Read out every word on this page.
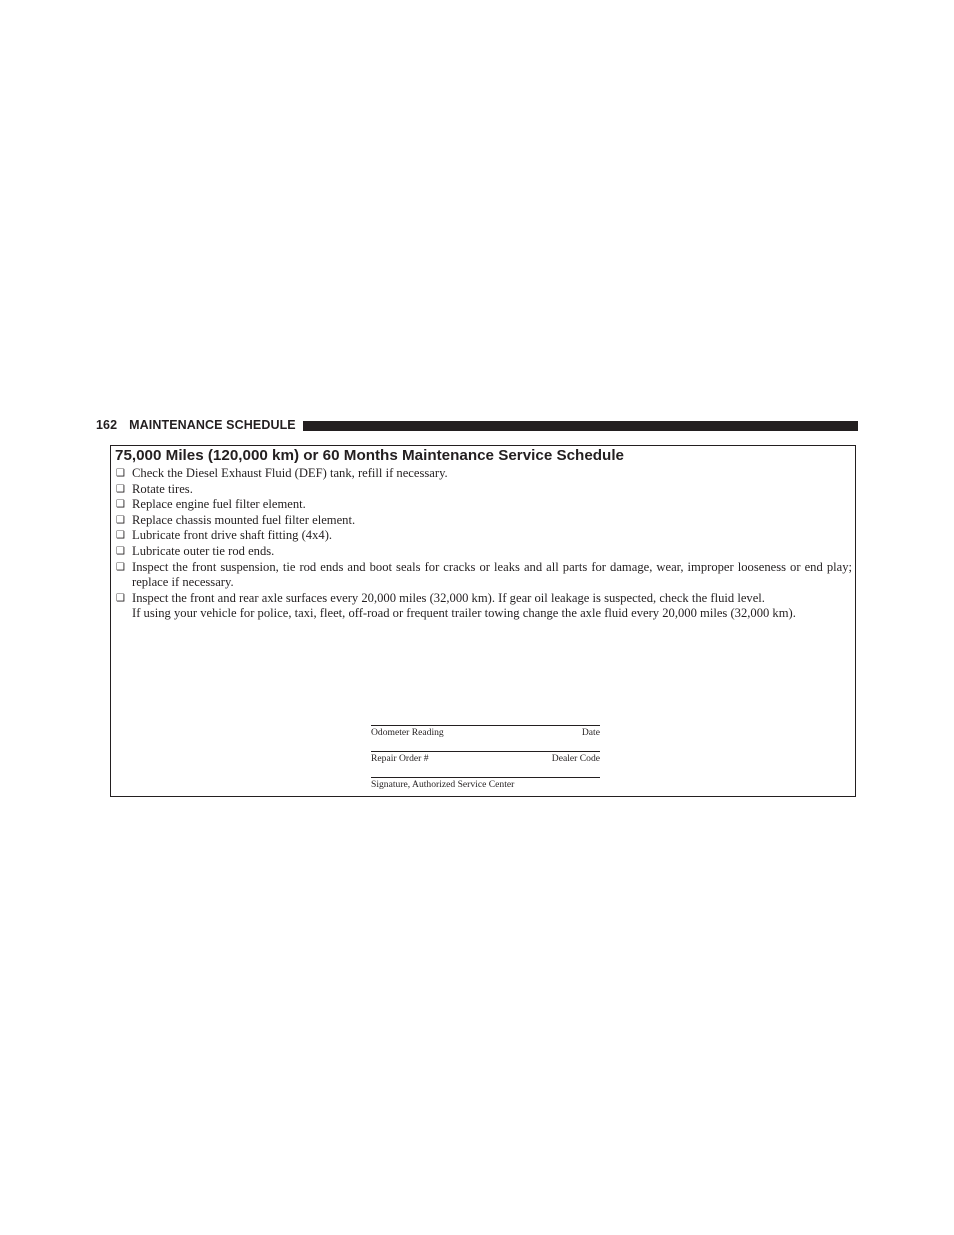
162 MAINTENANCE SCHEDULE
75,000 Miles (120,000 km) or 60 Months Maintenance Service Schedule
❑ Check the Diesel Exhaust Fluid (DEF) tank, refill if necessary.
❑ Rotate tires.
❑ Replace engine fuel filter element.
❑ Replace chassis mounted fuel filter element.
❑ Lubricate front drive shaft fitting (4x4).
❑ Lubricate outer tie rod ends.
❑ Inspect the front suspension, tie rod ends and boot seals for cracks or leaks and all parts for damage, wear, improper looseness or end play; replace if necessary.
❑ Inspect the front and rear axle surfaces every 20,000 miles (32,000 km). If gear oil leakage is suspected, check the fluid level.
If using your vehicle for police, taxi, fleet, off-road or frequent trailer towing change the axle fluid every 20,000 miles (32,000 km).
Odometer Reading	Date
Repair Order #	Dealer Code
Signature, Authorized Service Center
